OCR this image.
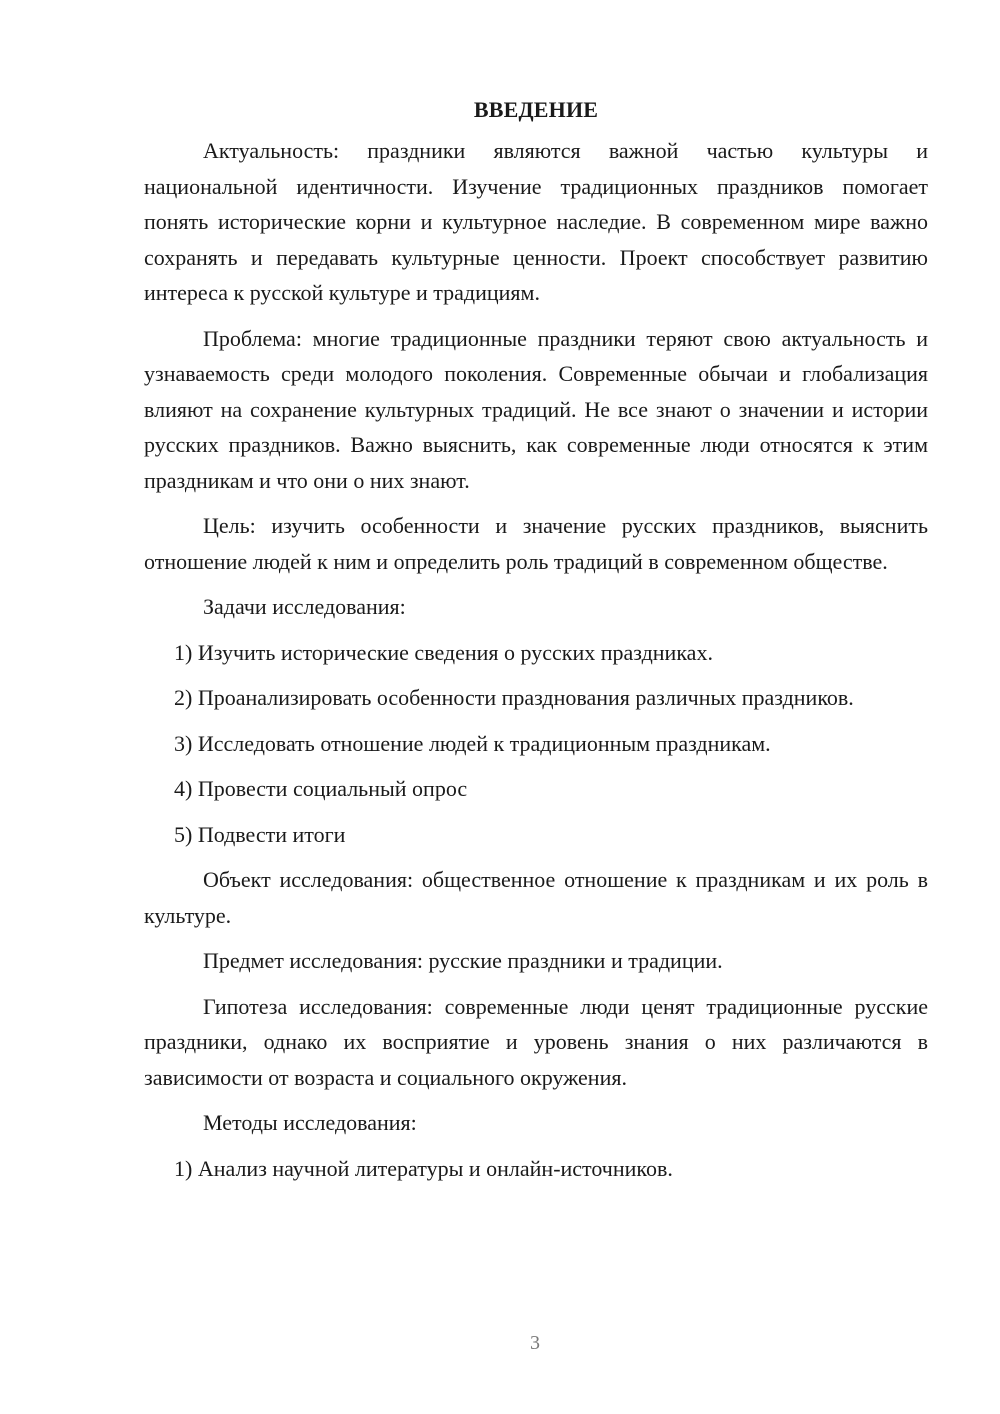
ВВЕДЕНИЕ

Актуальность: праздники являются важной частью культуры и национальной идентичности. Изучение традиционных праздников помогает понять исторические корни и культурное наследие. В современном мире важно сохранять и передавать культурные ценности. Проект способствует развитию интереса к русской культуре и традициям.

Проблема: многие традиционные праздники теряют свою актуальность и узнаваемость среди молодого поколения. Современные обычаи и глобализация влияют на сохранение культурных традиций. Не все знают о значении и истории русских праздников. Важно выяснить, как современные люди относятся к этим праздникам и что они о них знают.

Цель: изучить особенности и значение русских праздников, выяснить отношение людей к ним и определить роль традиций в современном обществе.

Задачи исследования:

1) Изучить исторические сведения о русских праздниках.

2) Проанализировать особенности празднования различных праздников.

3) Исследовать отношение людей к традиционным праздникам.

4) Провести социальный опрос

5) Подвести итоги

Объект исследования: общественное отношение к праздникам и их роль в культуре.

Предмет исследования: русские праздники и традиции.

Гипотеза исследования: современные люди ценят традиционные русские праздники, однако их восприятие и уровень знания о них различаются в зависимости от возраста и социального окружения.

Методы исследования:

1) Анализ научной литературы и онлайн-источников.

3
